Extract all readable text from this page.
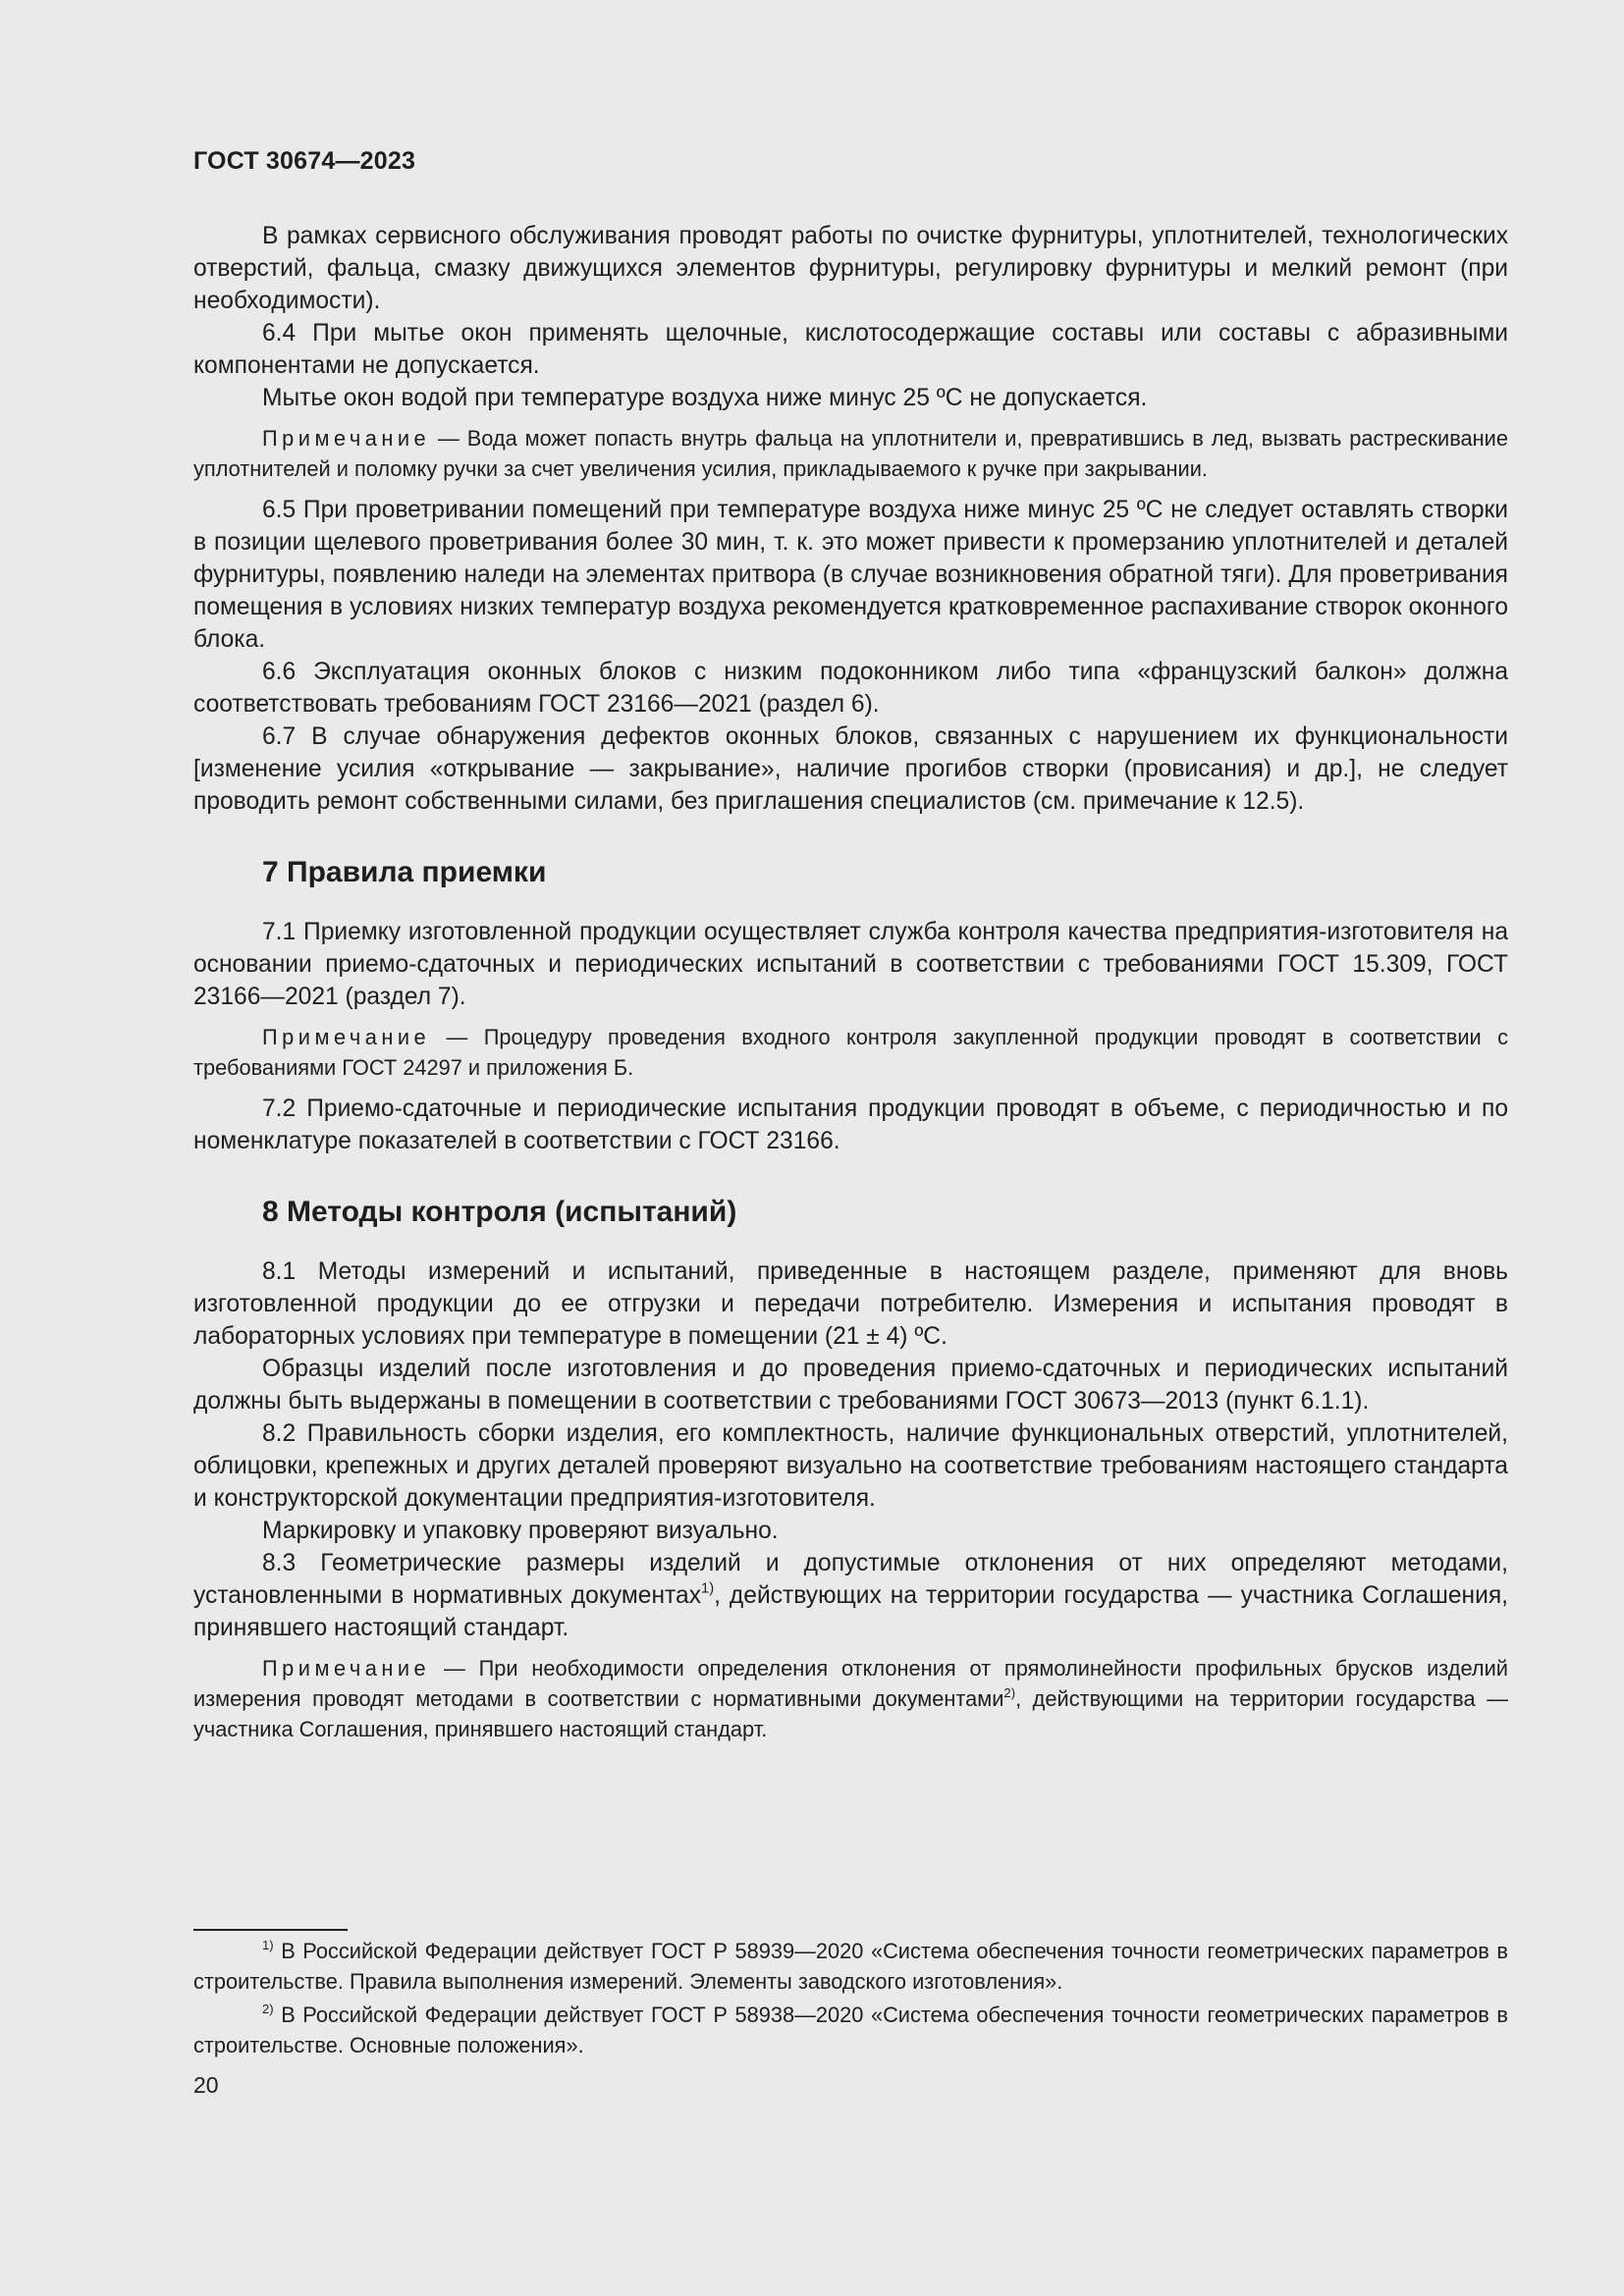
ГОСТ 30674—2023

В рамках сервисного обслуживания проводят работы по очистке фурнитуры, уплотнителей, технологических отверстий, фальца, смазку движущихся элементов фурнитуры, регулировку фурнитуры и мелкий ремонт (при необходимости).

6.4 При мытье окон применять щелочные, кислотосодержащие составы или составы с абразивными компонентами не допускается.

Мытье окон водой при температуре воздуха ниже минус 25 ºС не допускается.

Примечание — Вода может попасть внутрь фальца на уплотнители и, превратившись в лед, вызвать растрескивание уплотнителей и поломку ручки за счет увеличения усилия, прикладываемого к ручке при закрывании.

6.5 При проветривании помещений при температуре воздуха ниже минус 25 ºС не следует оставлять створки в позиции щелевого проветривания более 30 мин, т. к. это может привести к промерзанию уплотнителей и деталей фурнитуры, появлению наледи на элементах притвора (в случае возникновения обратной тяги). Для проветривания помещения в условиях низких температур воздуха рекомендуется кратковременное распахивание створок оконного блока.

6.6 Эксплуатация оконных блоков с низким подоконником либо типа «французский балкон» должна соответствовать требованиям ГОСТ 23166—2021 (раздел 6).

6.7 В случае обнаружения дефектов оконных блоков, связанных с нарушением их функциональности [изменение усилия «открывание — закрывание», наличие прогибов створки (провисания) и др.], не следует проводить ремонт собственными силами, без приглашения специалистов (см. примечание к 12.5).

7 Правила приемки

7.1 Приемку изготовленной продукции осуществляет служба контроля качества предприятия-изготовителя на основании приемо-сдаточных и периодических испытаний в соответствии с требованиями ГОСТ 15.309, ГОСТ 23166—2021 (раздел 7).

Примечание — Процедуру проведения входного контроля закупленной продукции проводят в соответствии с требованиями ГОСТ 24297 и приложения Б.

7.2 Приемо-сдаточные и периодические испытания продукции проводят в объеме, с периодичностью и по номенклатуре показателей в соответствии с ГОСТ 23166.

8 Методы контроля (испытаний)

8.1 Методы измерений и испытаний, приведенные в настоящем разделе, применяют для вновь изготовленной продукции до ее отгрузки и передачи потребителю. Измерения и испытания проводят в лабораторных условиях при температуре в помещении (21 ± 4) ºС.

Образцы изделий после изготовления и до проведения приемо-сдаточных и периодических испытаний должны быть выдержаны в помещении в соответствии с требованиями ГОСТ 30673—2013 (пункт 6.1.1).

8.2 Правильность сборки изделия, его комплектность, наличие функциональных отверстий, уплотнителей, облицовки, крепежных и других деталей проверяют визуально на соответствие требованиям настоящего стандарта и конструкторской документации предприятия-изготовителя.

Маркировку и упаковку проверяют визуально.

8.3 Геометрические размеры изделий и допустимые отклонения от них определяют методами, установленными в нормативных документах$^{1)}$, действующих на территории государства — участника Соглашения, принявшего настоящий стандарт.

Примечание — При необходимости определения отклонения от прямолинейности профильных брусков изделий измерения проводят методами в соответствии с нормативными документами$^{2)}$, действующими на территории государства — участника Соглашения, принявшего настоящий стандарт.

$^{1)}$ В Российской Федерации действует ГОСТ Р 58939—2020 «Система обеспечения точности геометрических параметров в строительстве. Правила выполнения измерений. Элементы заводского изготовления».

$^{2)}$ В Российской Федерации действует ГОСТ Р 58938—2020 «Система обеспечения точности геометрических параметров в строительстве. Основные положения».

20
